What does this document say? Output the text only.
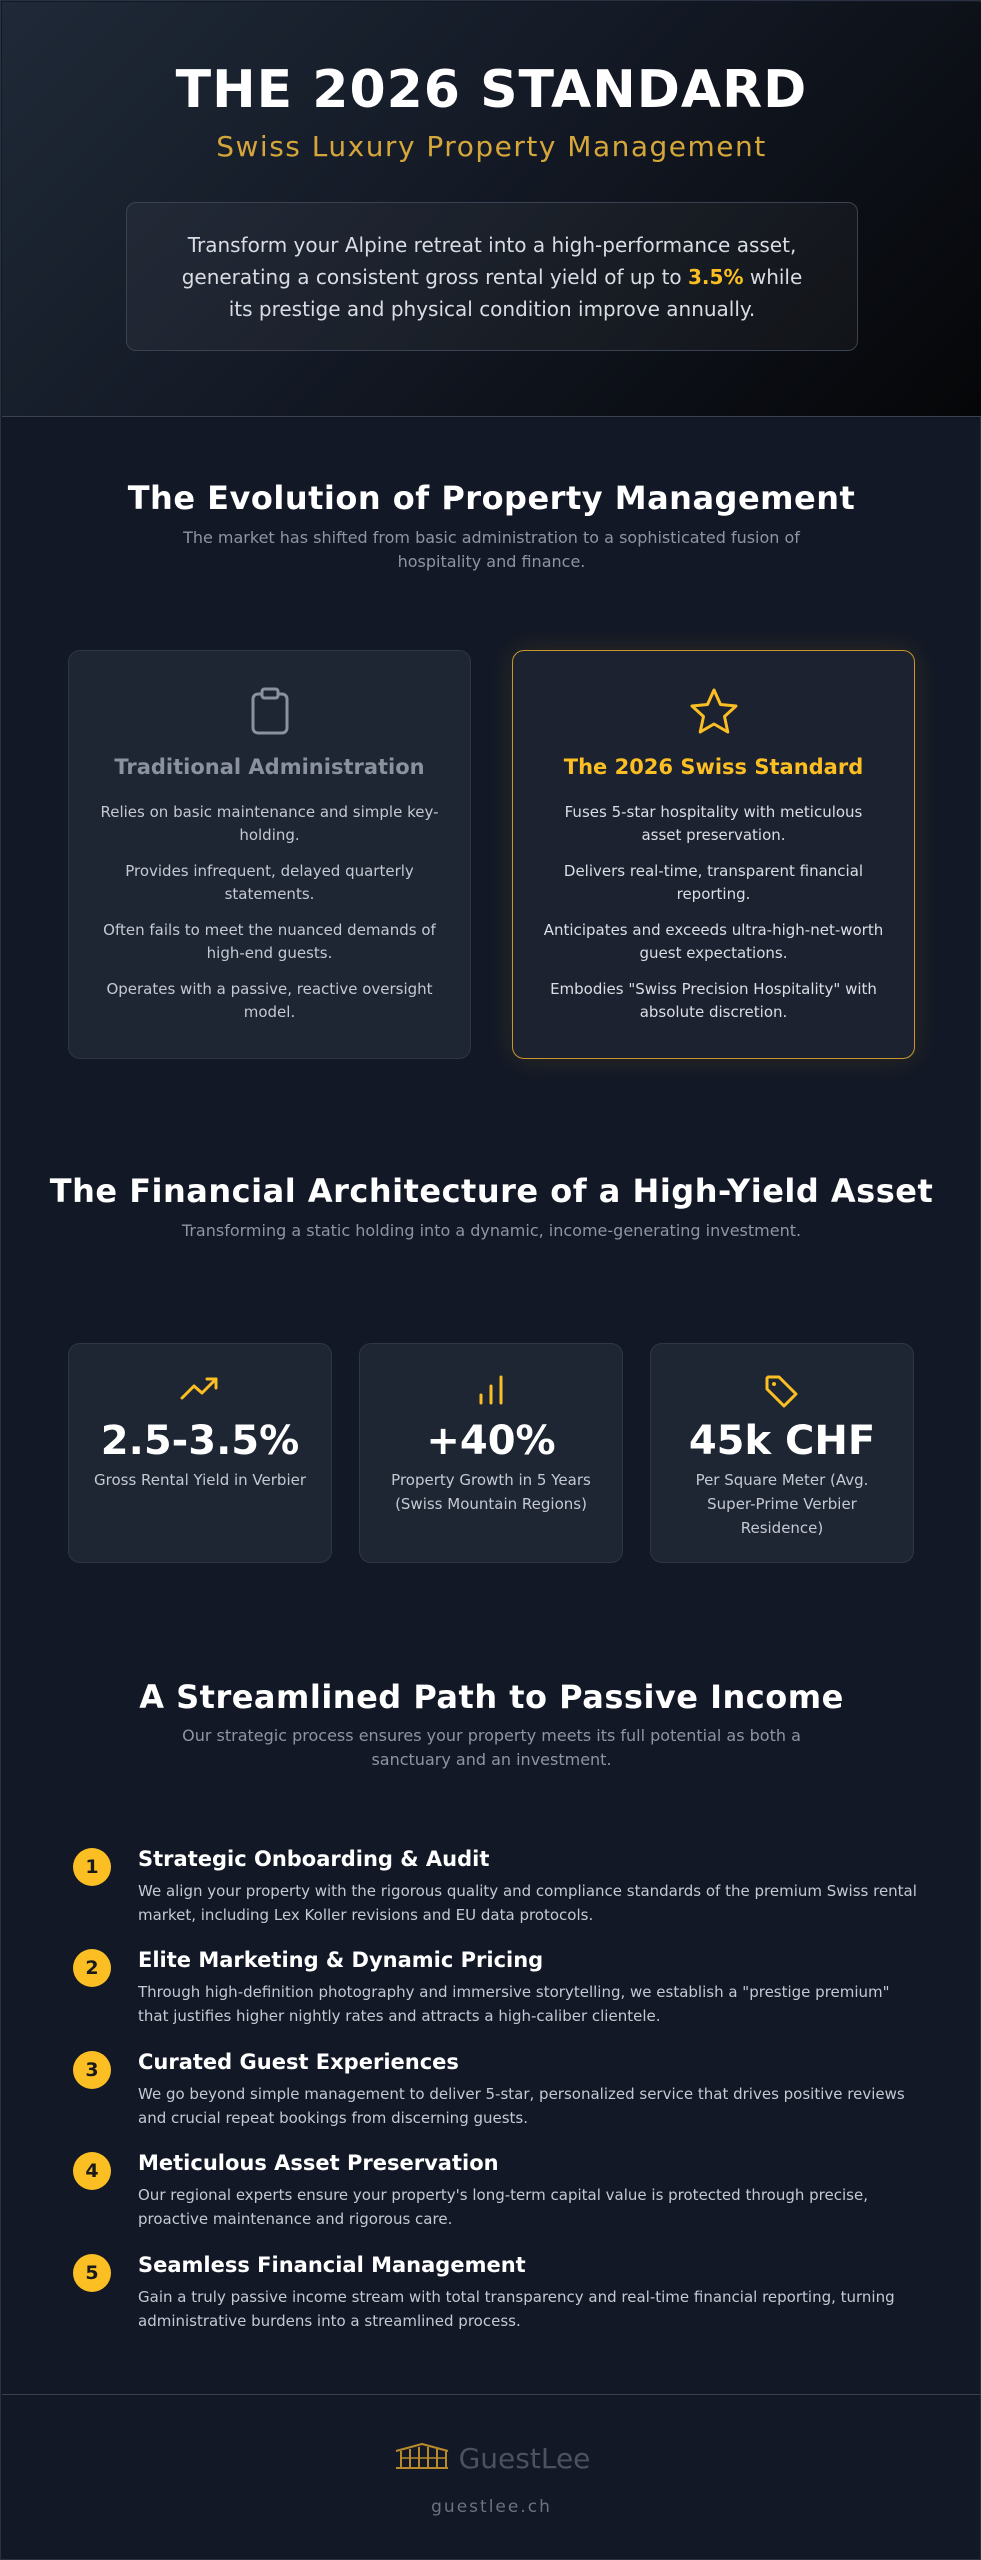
THE 2026 STANDARD
Swiss Luxury Property Management
Transform your Alpine retreat into a high-performance asset, generating a consistent gross rental yield of up to 3.5% while its prestige and physical condition improve annually.
The Evolution of Property Management

The market has shifted from basic administration to a sophisticated fusion of hospitality and finance.

Traditional Administration
Relies on basic maintenance and simple key-holding.
Provides infrequent, delayed quarterly statements.
Often fails to meet the nuanced demands of high-end guests.
Operates with a passive, reactive oversight model.
The 2026 Swiss Standard
Fuses 5-star hospitality with meticulous asset preservation.
Delivers real-time, transparent financial reporting.
Anticipates and exceeds ultra-high-net-worth guest expectations.
Embodies "Swiss Precision Hospitality" with absolute discretion.
The Financial Architecture of a High-Yield Asset

Transforming a static holding into a dynamic, income-generating investment.

2.5-3.5%
Gross Rental Yield in Verbier
+40%
Property Growth in 5 Years (Swiss Mountain Regions)
45k CHF
Per Square Meter (Avg. Super-Prime Verbier Residence)
A Streamlined Path to Passive Income

Our strategic process ensures your property meets its full potential as both a sanctuary and an investment.

1	Strategic Onboarding & Audit
We align your property with the rigorous quality and compliance standards of the premium Swiss rental market, including Lex Koller revisions and EU data protocols.
2	Elite Marketing & Dynamic Pricing
Through high-definition photography and immersive storytelling, we establish a "prestige premium" that justifies higher nightly rates and attracts a high-caliber clientele.
3	Curated Guest Experiences
We go beyond simple management to deliver 5-star, personalized service that drives positive reviews and crucial repeat bookings from discerning guests.
4	Meticulous Asset Preservation
Our regional experts ensure your property's long-term capital value is protected through precise, proactive maintenance and rigorous care.
5	Seamless Financial Management
Gain a truly passive income stream with total transparency and real-time financial reporting, turning administrative burdens into a streamlined process.
GuestLee
guestlee.ch
